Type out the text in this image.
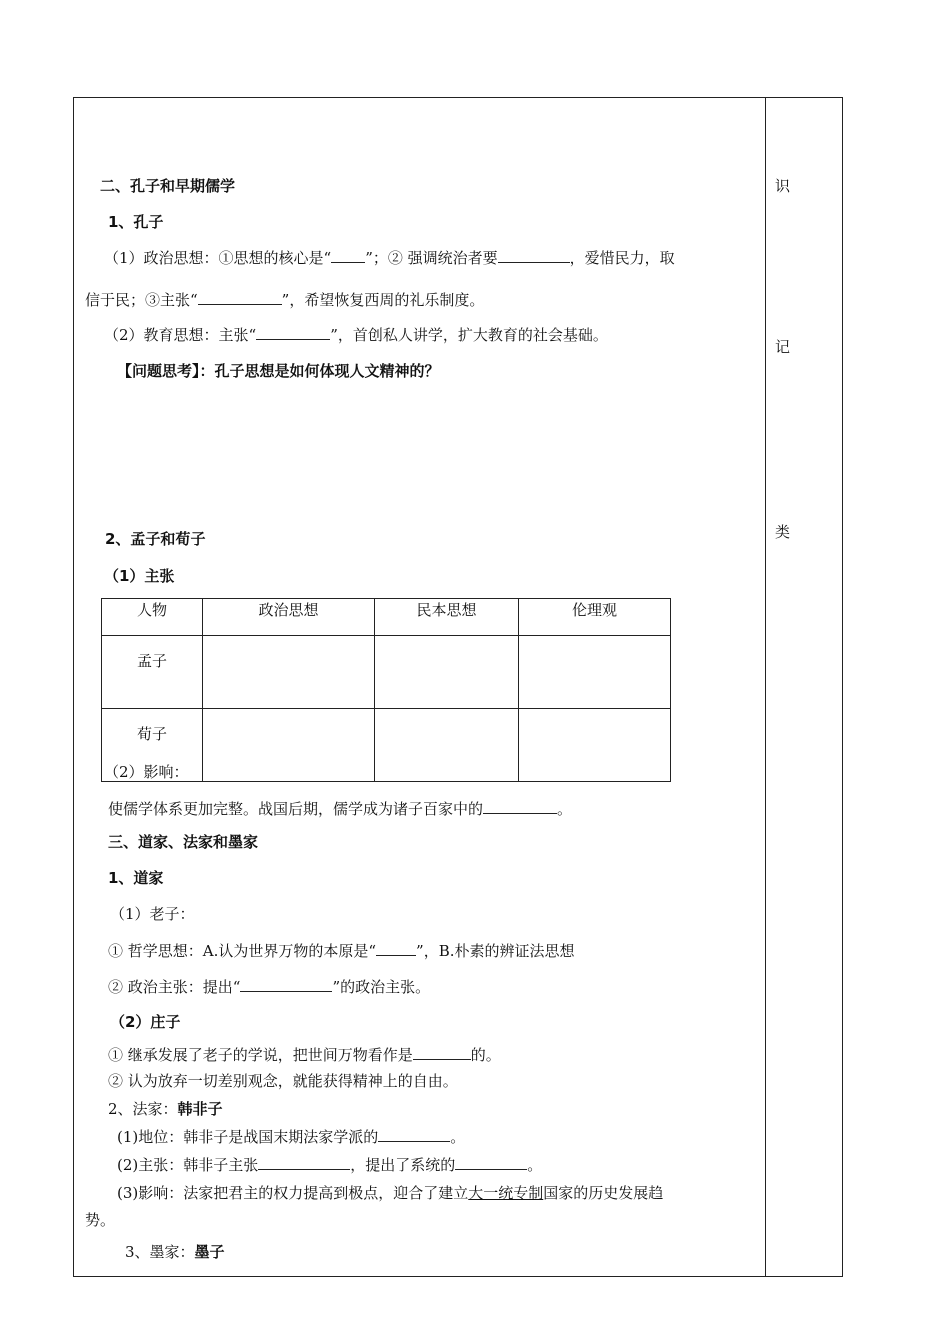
识
记
类
二、孔子和早期儒学
1、孔子
（1）政治思想：①思想的核心是“ ”；② 强调统治者要	，爱惜民力，取
信于民；③主张“	”，希望恢复西周的礼乐制度。
（2）教育思想：主张“	”，首创私人讲学，扩大教育的社会基础。
【问题思考】：孔子思想是如何体现人文精神的？
2、孟子和荀子
（1）主张
人物	政治思想	民本思想	伦理观
孟子			
荀子			
（2）影响：
使儒学体系更加完整。战国后期，儒学成为诸子百家中的	。
三、道家、法家和墨家
1、道家
（1）老子：
① 哲学思想：A.认为世界万物的本原是“	”，B.朴素的辨证法思想
② 政治主张：提出“	”的政治主张。
（2）庄子
① 继承发展了老子的学说，把世间万物看作是	的。
② 认为放弃一切差别观念，就能获得精神上的自由。
2、法家：韩非子
(1)地位：韩非子是战国末期法家学派的	。
(2)主张：韩非子主张	，提出了系统的	。
(3)影响：法家把君主的权力提高到极点，迎合了建立大一统专制国家的历史发展趋
势。
3、墨家：墨子
